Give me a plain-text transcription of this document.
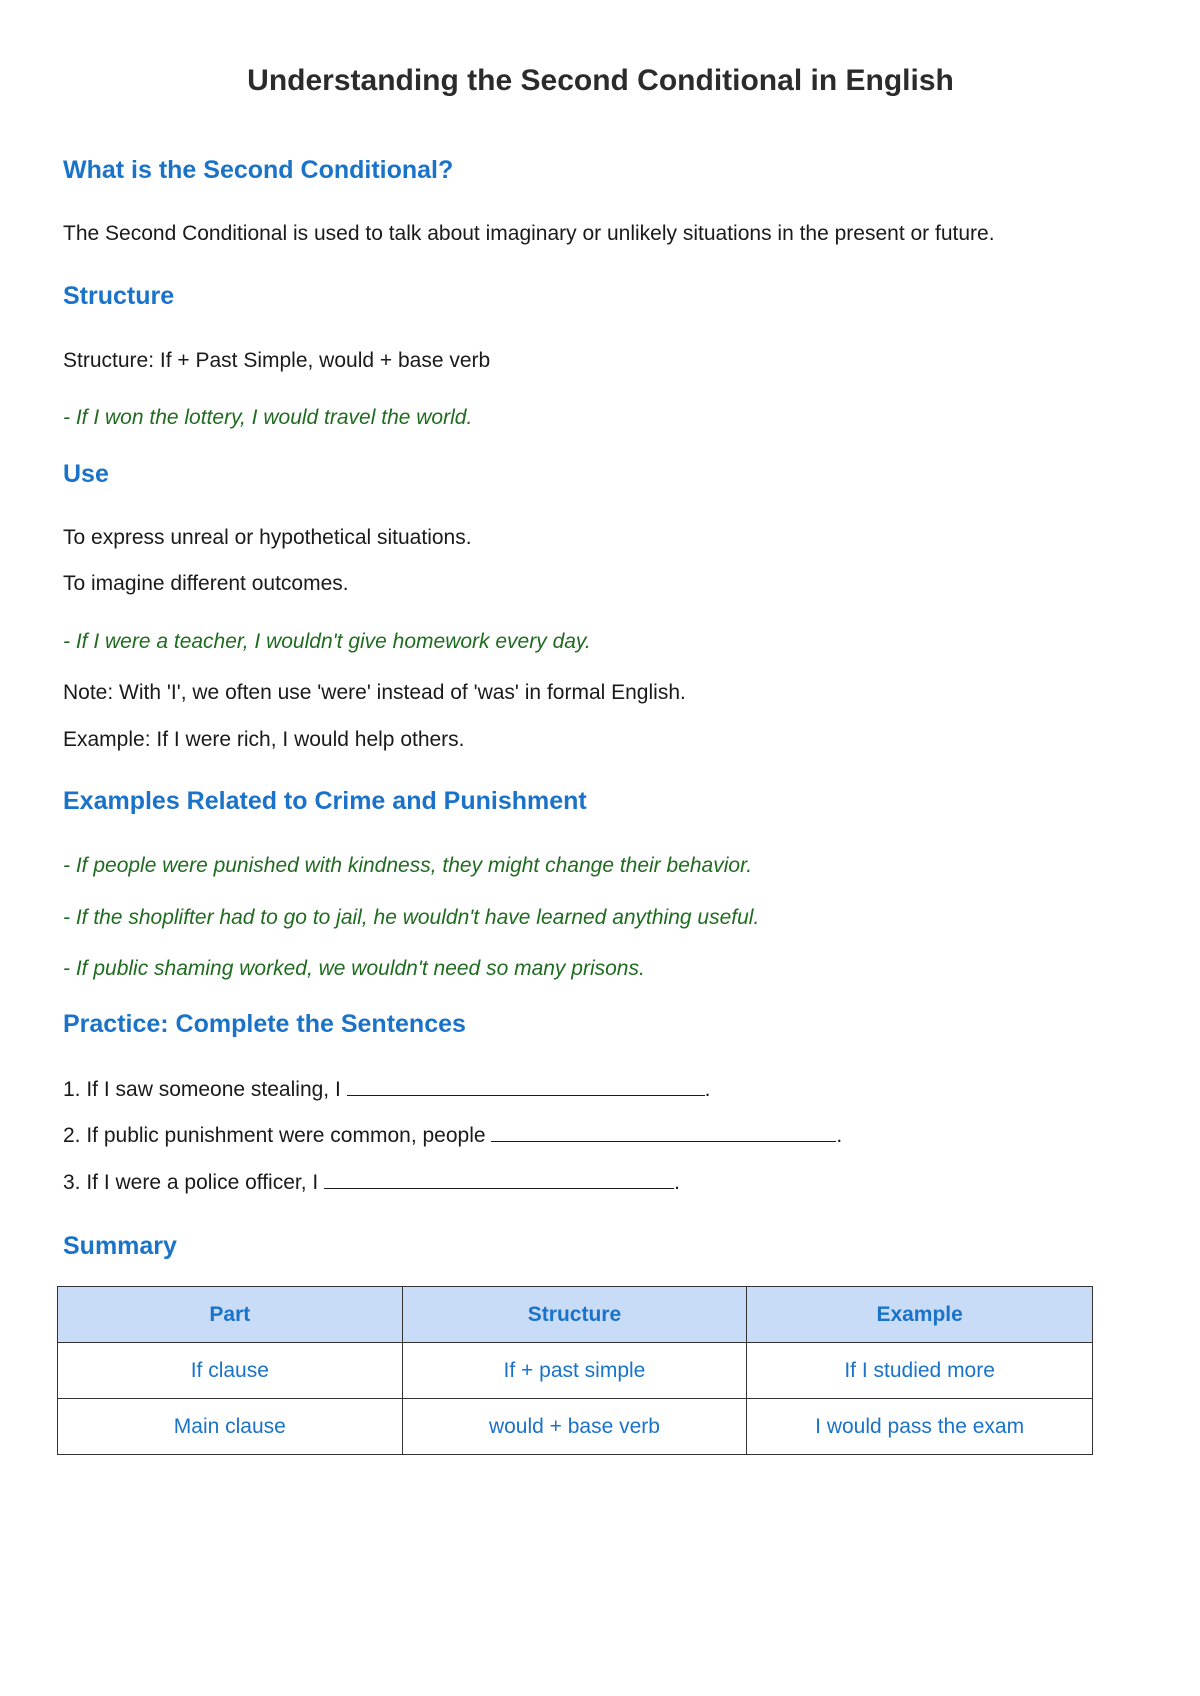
Understanding the Second Conditional in English
What is the Second Conditional?

The Second Conditional is used to talk about imaginary or unlikely situations in the present or future.

Structure

Structure: If + Past Simple, would + base verb

- If I won the lottery, I would travel the world.

Use

To express unreal or hypothetical situations.

To imagine different outcomes.

- If I were a teacher, I wouldn't give homework every day.

Note: With 'I', we often use 'were' instead of 'was' in formal English.

Example: If I were rich, I would help others.

Examples Related to Crime and Punishment

- If people were punished with kindness, they might change their behavior.

- If the shoplifter had to go to jail, he wouldn't have learned anything useful.

- If public shaming worked, we wouldn't need so many prisons.

Practice: Complete the Sentences

1. If I saw someone stealing, I	.

2. If public punishment were common, people	.

3. If I were a police officer, I	.

Summary
Part	Structure	Example
If clause	If + past simple	If I studied more
Main clause	would + base verb	I would pass the exam
